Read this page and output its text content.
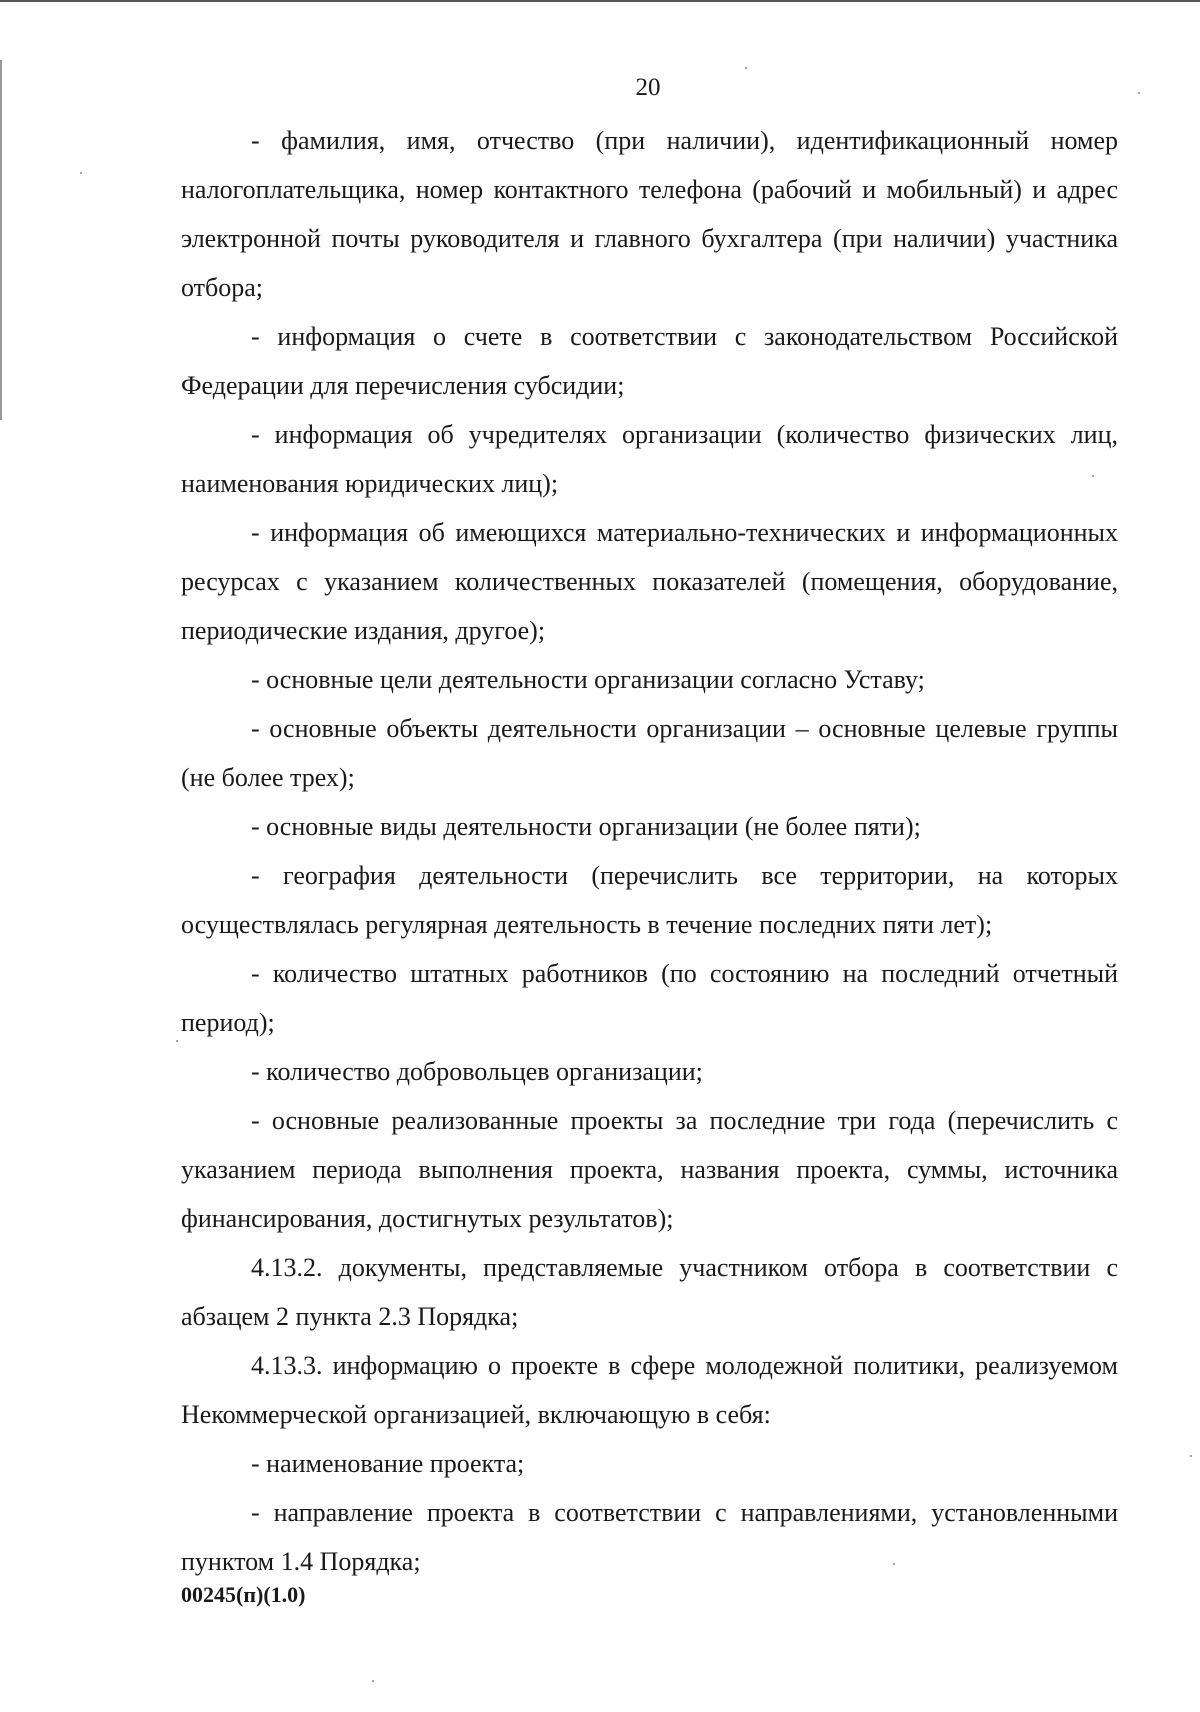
20

- фамилия, имя, отчество (при наличии), идентификационный номер налогоплательщика, номер контактного телефона (рабочий и мобильный) и адрес электронной почты руководителя и главного бухгалтера (при наличии) участника отбора;

- информация о счете в соответствии с законодательством Российской Федерации для перечисления субсидии;

- информация об учредителях организации (количество физических лиц, наименования юридических лиц);

- информация об имеющихся материально-технических и информационных ресурсах с указанием количественных показателей (помещения, оборудование, периодические издания, другое);

- основные цели деятельности организации согласно Уставу;

- основные объекты деятельности организации – основные целевые группы (не более трех);

- основные виды деятельности организации (не более пяти);

- география деятельности (перечислить все территории, на которых осуществлялась регулярная деятельность в течение последних пяти лет);

- количество штатных работников (по состоянию на последний отчетный период);

- количество добровольцев организации;

- основные реализованные проекты за последние три года (перечислить с указанием периода выполнения проекта, названия проекта, суммы, источника финансирования, достигнутых результатов);

4.13.2. документы, представляемые участником отбора в соответствии с абзацем 2 пункта 2.3 Порядка;

4.13.3. информацию о проекте в сфере молодежной политики, реализуемом Некоммерческой организацией, включающую в себя:

- наименование проекта;

- направление проекта в соответствии с направлениями, установленными пунктом 1.4 Порядка;

00245(п)(1.0)
